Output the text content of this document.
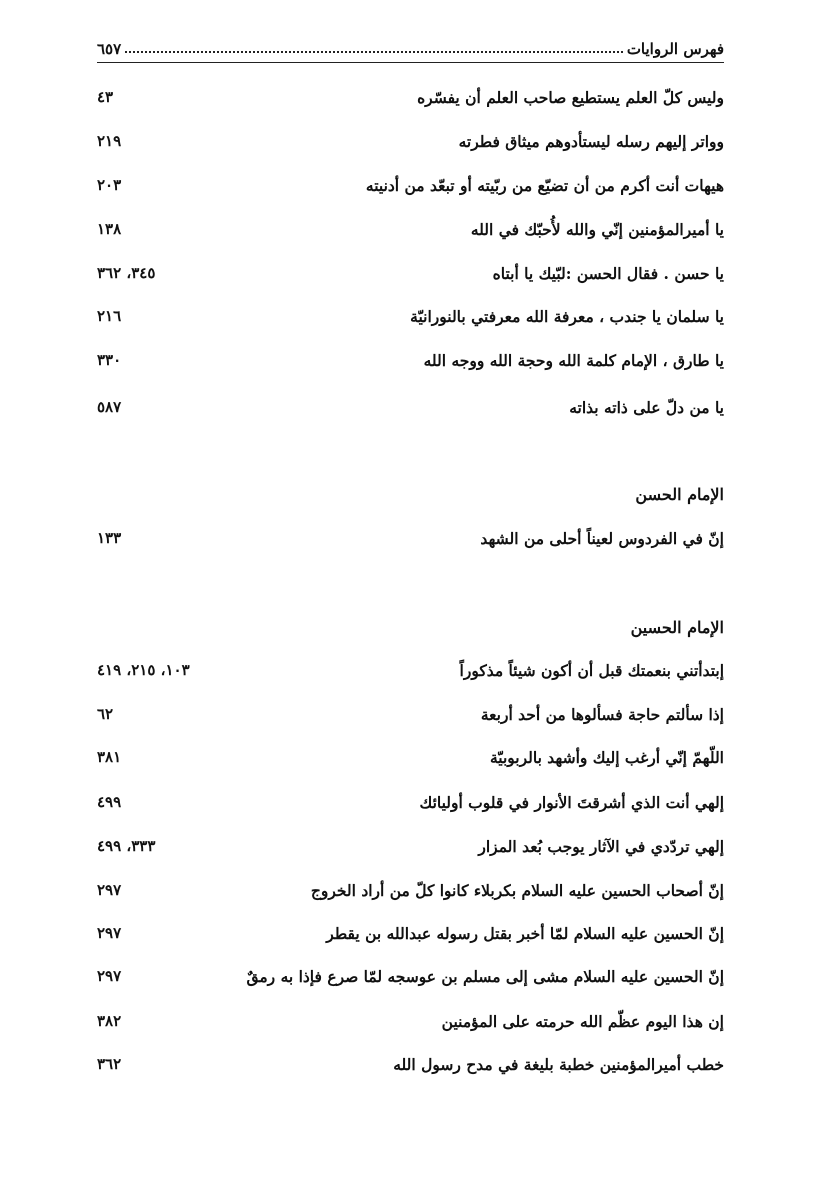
فهرس الروايات
٦٥٧
وليس كلّ العلم يستطيع صاحب العلم أن يفسّره
٤٣
وواتر إليهم رسله ليستأدوهم ميثاق فطرته
٢١٩
هيهات أنت أكرم من أن تضيّع من ربّيته أو تبعّد من أدنيته
٢٠٣
يا أميرالمؤمنين إنّي والله لأُحبّك في الله
١٣٨
يا حسن . فقال الحسن :لبّيك يا أبتاه
٣٤٥، ٣٦٢
يا سلمان يا جندب ، معرفة الله معرفتي بالنورانيّة
٢١٦
يا طارق ، الإمام كلمة الله وحجة الله ووجه الله
٣٣٠
يا من دلّ على ذاته بذاته
٥٨٧
الإمام الحسن
إنّ في الفردوس لعيناً أحلى من الشهد
١٣٣
الإمام الحسين
إبتدأتني بنعمتك قبل أن أكون شيئاً مذكوراً
١٠٣، ٢١٥، ٤١٩
إذا سألتم حاجة فسألوها من أحد أربعة
٦٢
اللّهمّ إنّي أرغب إليك وأشهد بالربوبيّة
٣٨١
إلهي أنت الذي أشرقتَ الأنوار في قلوب أوليائك
٤٩٩
إلهي تردّدي في الآثار يوجب بُعد المزار
٣٣٣، ٤٩٩
إنّ أصحاب الحسين عليه السلام بكربلاء كانوا كلّ من أراد الخروج
٢٩٧
إنّ الحسين عليه السلام لمّا أخبر بقتل رسوله عبدالله بن يقطر
٢٩٧
إنّ الحسين عليه السلام مشى إلى مسلم بن عوسجه لمّا صرع فإذا به رمقٌ
٢٩٧
إن هذا اليوم عظّم الله حرمته على المؤمنين
٣٨٢
خطب أميرالمؤمنين خطبة بليغة في مدح رسول الله
٣٦٢
